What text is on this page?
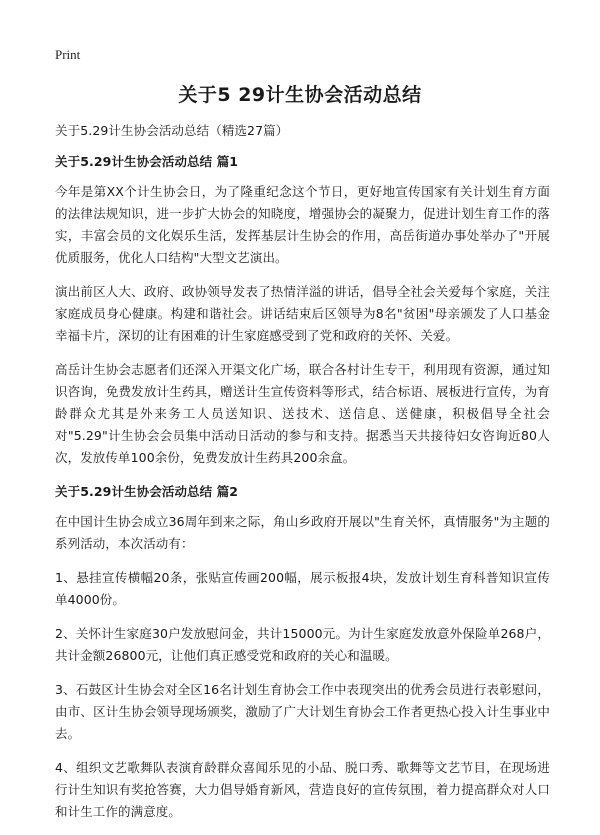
Print
关于5 29计生协会活动总结

关于5.29计生协会活动总结（精选27篇）

关于5.29计生协会活动总结 篇1

今年是第XX个计生协会日，为了隆重纪念这个节日，更好地宣传国家有关计划生育方面的法律法规知识，进一步扩大协会的知晓度，增强协会的凝聚力，促进计划生育工作的落实，丰富会员的文化娱乐生活，发挥基层计生协会的作用，高岳街道办事处举办了"开展优质服务，优化人口结构"大型文艺演出。

演出前区人大、政府、政协领导发表了热情洋溢的讲话，倡导全社会关爱每个家庭，关注家庭成员身心健康。构建和谐社会。讲话结束后区领导为8名"贫困"母亲颁发了人口基金幸福卡片，深切的让有困难的计生家庭感受到了党和政府的关怀、关爱。

高岳计生协会志愿者们还深入开渠文化广场，联合各村计生专干，利用现有资源，通过知识咨询，免费发放计生药具，赠送计生宣传资料等形式，结合标语、展板进行宣传，为育龄群众尤其是外来务工人员送知识、送技术、送信息、送健康，积极倡导全社会对"5.29"计生协会会员集中活动日活动的参与和支持。据悉当天共接待妇女咨询近80人次，发放传单100余份，免费发放计生药具200余盒。

关于5.29计生协会活动总结 篇2

在中国计生协会成立36周年到来之际，角山乡政府开展以"生育关怀，真情服务"为主题的系列活动，本次活动有：

1、悬挂宣传横幅20条，张贴宣传画200幅，展示板报4块，发放计划生育科普知识宣传单4000份。

2、关怀计生家庭30户发放慰问金，共计15000元。为计生家庭发放意外保险单268户，共计金额26800元，让他们真正感受党和政府的关心和温暖。

3、石鼓区计生协会对全区16名计划生育协会工作中表现突出的优秀会员进行表彰慰问，由市、区计生协会领导现场颁奖，激励了广大计划生育协会工作者更热心投入计生事业中去。

4、组织文艺歌舞队表演育龄群众喜闻乐见的小品、脱口秀、歌舞等文艺节目，在现场进行计生知识有奖抢答赛，大力倡导婚育新风，营造良好的宣传氛围，着力提高群众对人口和计生工作的满意度。
